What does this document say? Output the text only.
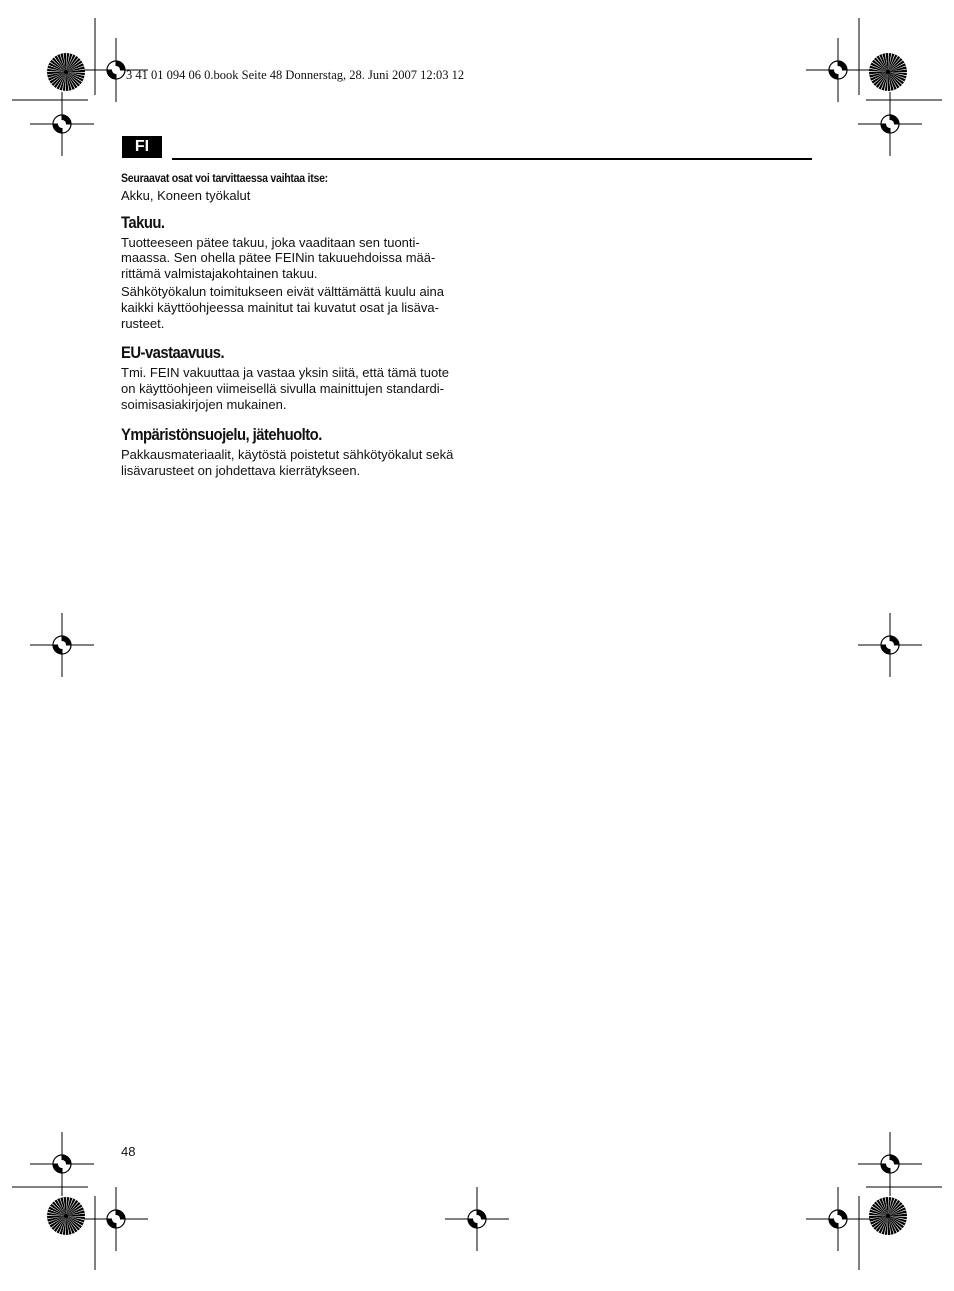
3 41 01 094 06 0.book Seite 48 Donnerstag, 28. Juni 2007 12:03 12
FI

Seuraavat osat voi tarvittaessa vaihtaa itse:

Akku, Koneen työkalut

Takuu.

Tuotteeseen pätee takuu, joka vaaditaan sen tuonti-

maassa. Sen ohella pätee FEINin takuuehdoissa mää-

rittämä valmistajakohtainen takuu.

Sähkötyökalun toimitukseen eivät välttämättä kuulu aina

kaikki käyttöohjeessa mainitut tai kuvatut osat ja lisävа-

rusteet.

EU-vastaavuus.

Tmi. FEIN vakuuttaa ja vastaa yksin siitä, että tämä tuote

on käyttöohjeen viimeisellä sivulla mainittujen standardi-

soimisasiakirjojen mukainen.

Ympäristönsuojelu, jätehuolto.

Pakkausmateriaalit, käytöstä poistetut sähkötyökalut sekä

lisävarusteet on johdettava kierrätykseen.

48
